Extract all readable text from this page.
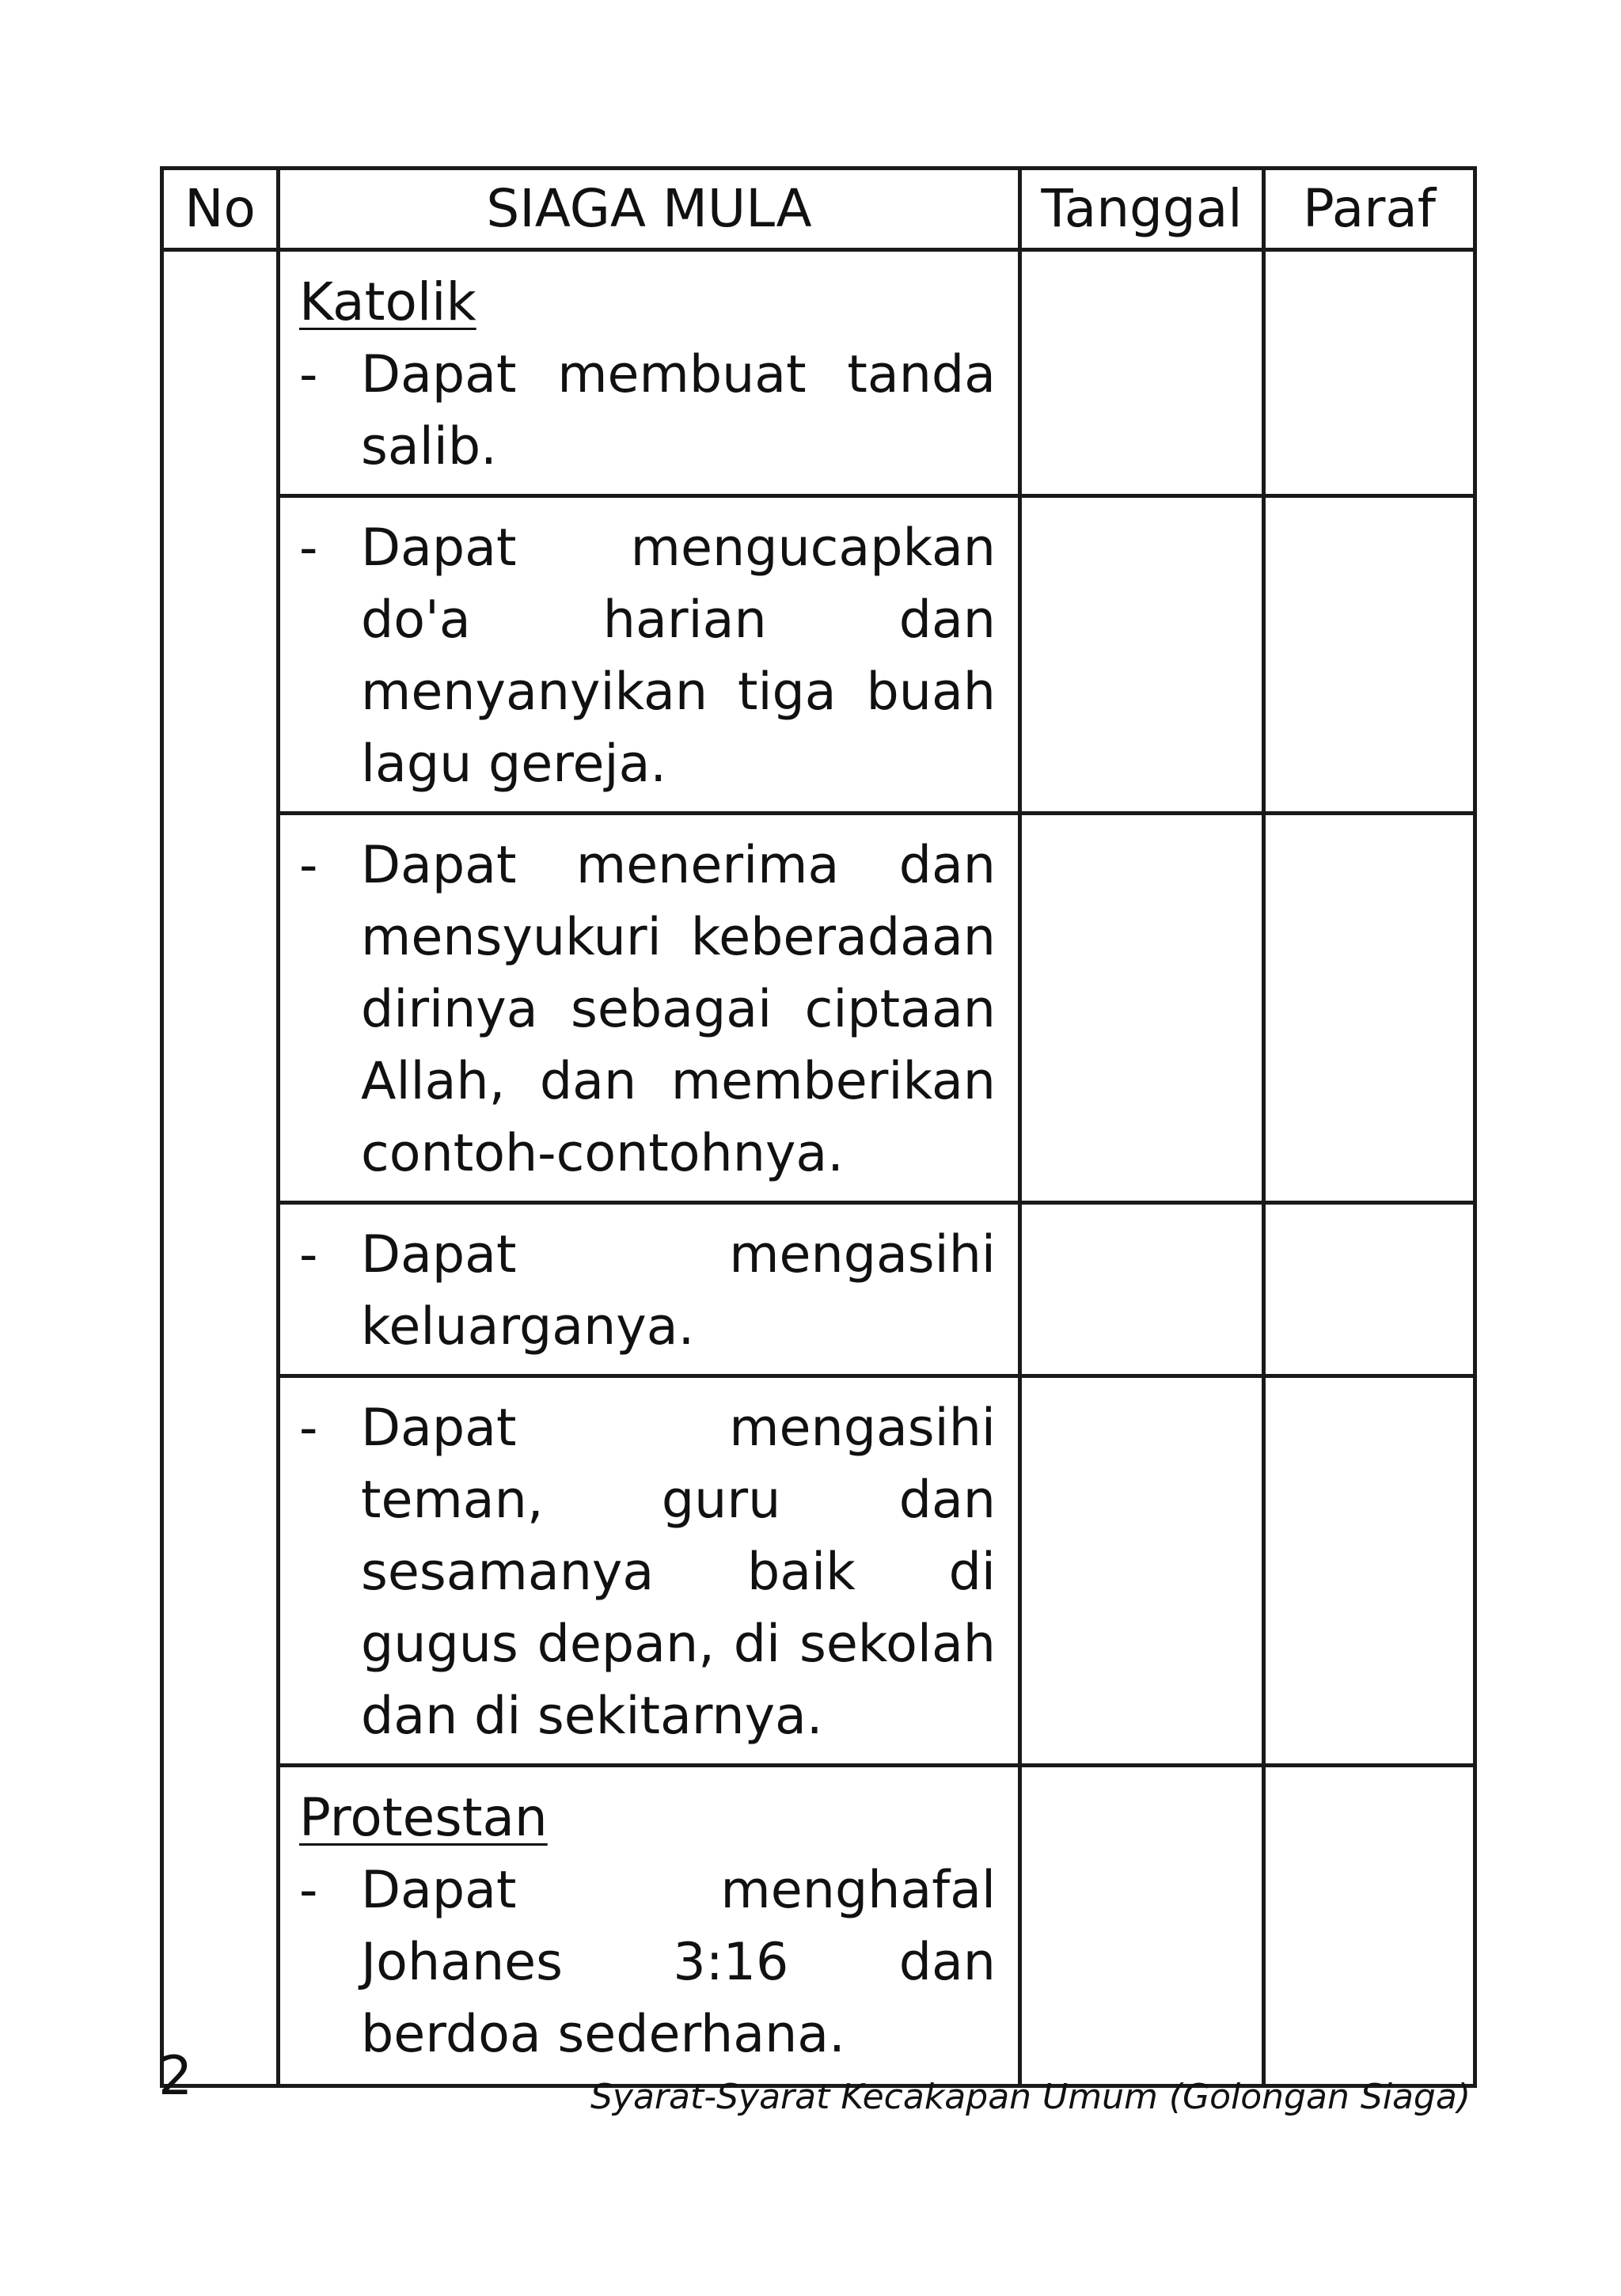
No	SIAGA MULA	Tanggal	Paraf

	Katolik
- Dapat membuat tanda salib.		

	- Dapat mengucapkan do'a harian dan menyanyikan tiga buah lagu gereja.		

	- Dapat menerima dan mensyukuri keberadaan dirinya sebagai ciptaan Allah, dan memberikan contoh-contohnya.		

	- Dapat mengasihi keluarganya.		

	- Dapat mengasihi teman, guru dan sesamanya baik di gugus depan, di sekolah dan di sekitarnya.		

	Protestan
- Dapat menghafal Johanes 3:16 dan berdoa sederhana.		

2	Syarat-Syarat Kecakapan Umum (Golongan Siaga)
